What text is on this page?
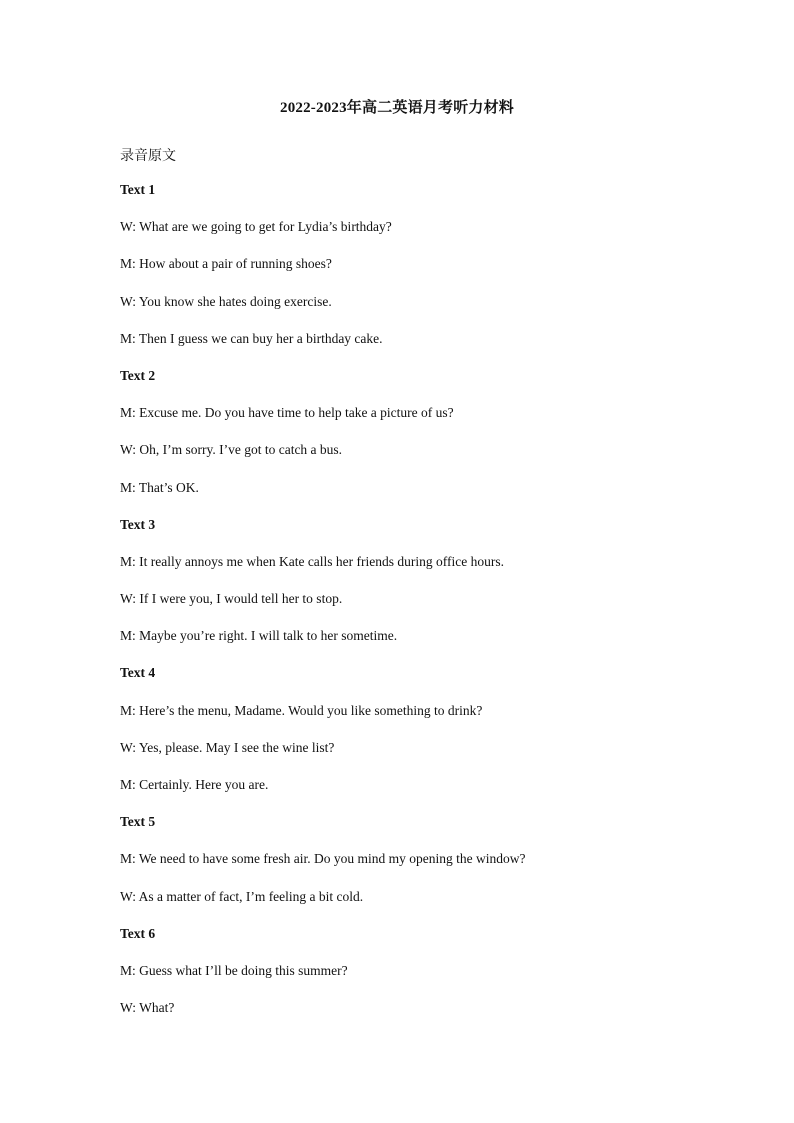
2022-2023年高二英语月考听力材料
录音原文
Text 1
W: What are we going to get for Lydia’s birthday?
M: How about a pair of running shoes?
W: You know she hates doing exercise.
M: Then I guess we can buy her a birthday cake.
Text 2
M: Excuse me. Do you have time to help take a picture of us?
W: Oh, I’m sorry. I’ve got to catch a bus.
M: That’s OK.
Text 3
M: It really annoys me when Kate calls her friends during office hours.
W: If I were you, I would tell her to stop.
M: Maybe you’re right. I will talk to her sometime.
Text 4
M: Here’s the menu, Madame. Would you like something to drink?
W: Yes, please. May I see the wine list?
M: Certainly. Here you are.
Text 5
M: We need to have some fresh air. Do you mind my opening the window?
W: As a matter of fact, I’m feeling a bit cold.
Text 6
M: Guess what I’ll be doing this summer?
W: What?
